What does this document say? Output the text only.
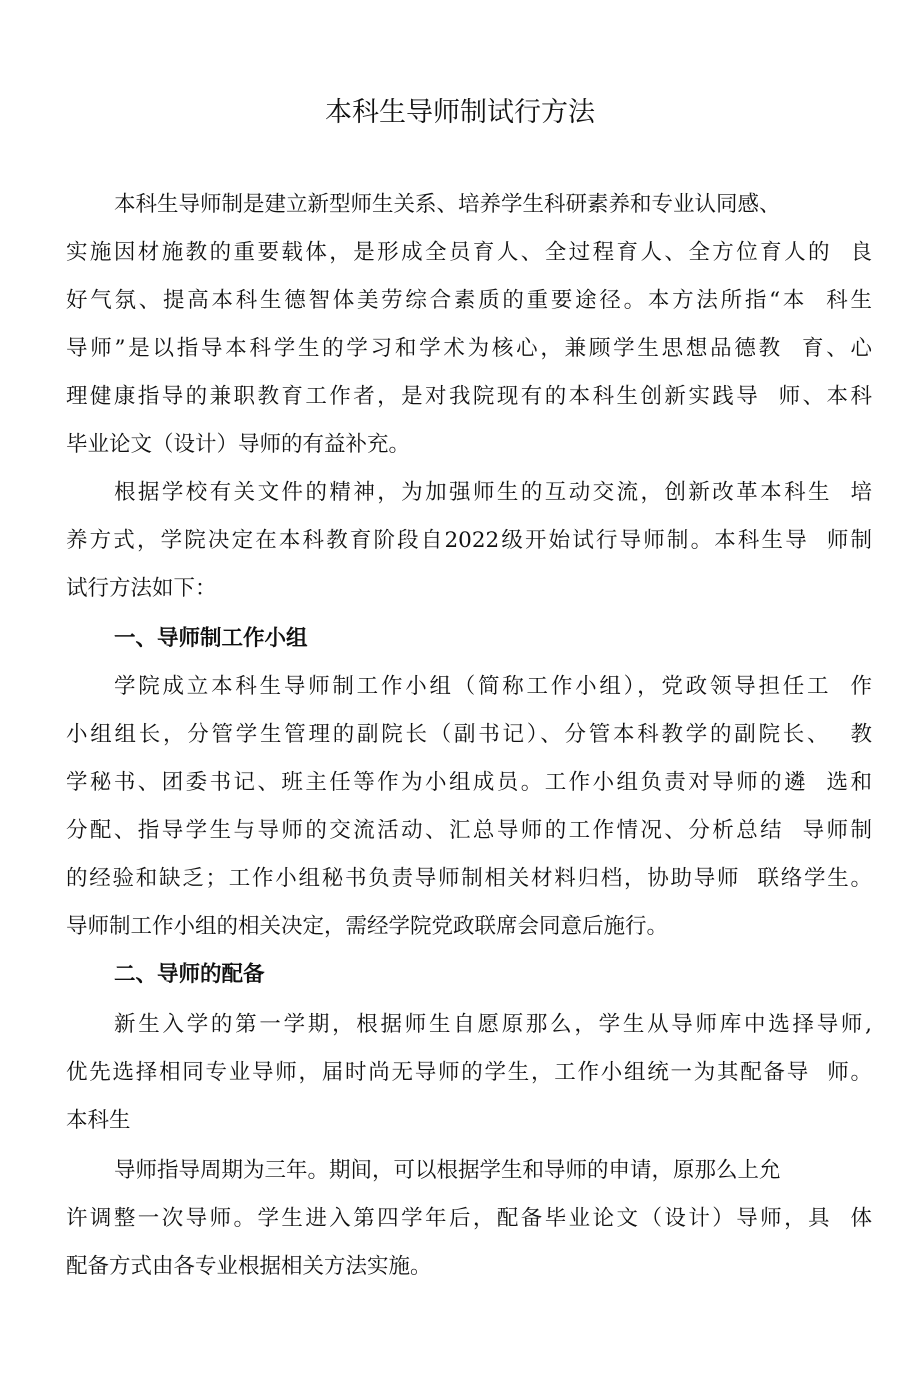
本科生导师制试行方法
本科生导师制是建立新型师生关系、培养学生科研素养和专业认同感、
实施因材施教的重要载体，是形成全员育人、全过程育人、全方位育人的  良
好气氛、提高本科生德智体美劳综合素质的重要途径。本方法所指“本  科生
导师”是以指导本科学生的学习和学术为核心，兼顾学生思想品德教  育、心
理健康指导的兼职教育工作者，是对我院现有的本科生创新实践导  师、本科
毕业论文（设计）导师的有益补充。
根据学校有关文件的精神，为加强师生的互动交流，创新改革本科生  培
养方式，学院决定在本科教育阶段自2022级开始试行导师制。本科生导  师制
试行方法如下：
一、导师制工作小组
学院成立本科生导师制工作小组（简称工作小组），党政领导担任工  作
小组组长，分管学生管理的副院长（副书记）、分管本科教学的副院长、  教
学秘书、团委书记、班主任等作为小组成员。工作小组负责对导师的遴  选和
分配、指导学生与导师的交流活动、汇总导师的工作情况、分析总结  导师制
的经验和缺乏；工作小组秘书负责导师制相关材料归档，协助导师  联络学生。
导师制工作小组的相关决定，需经学院党政联席会同意后施行。
二、导师的配备
新生入学的第一学期，根据师生自愿原那么，学生从导师库中选择导师,
优先选择相同专业导师，届时尚无导师的学生，工作小组统一为其配备导  师。
本科生
导师指导周期为三年。期间，可以根据学生和导师的申请，原那么上允
许调整一次导师。学生进入第四学年后，配备毕业论文（设计）导师，具  体
配备方式由各专业根据相关方法实施。
